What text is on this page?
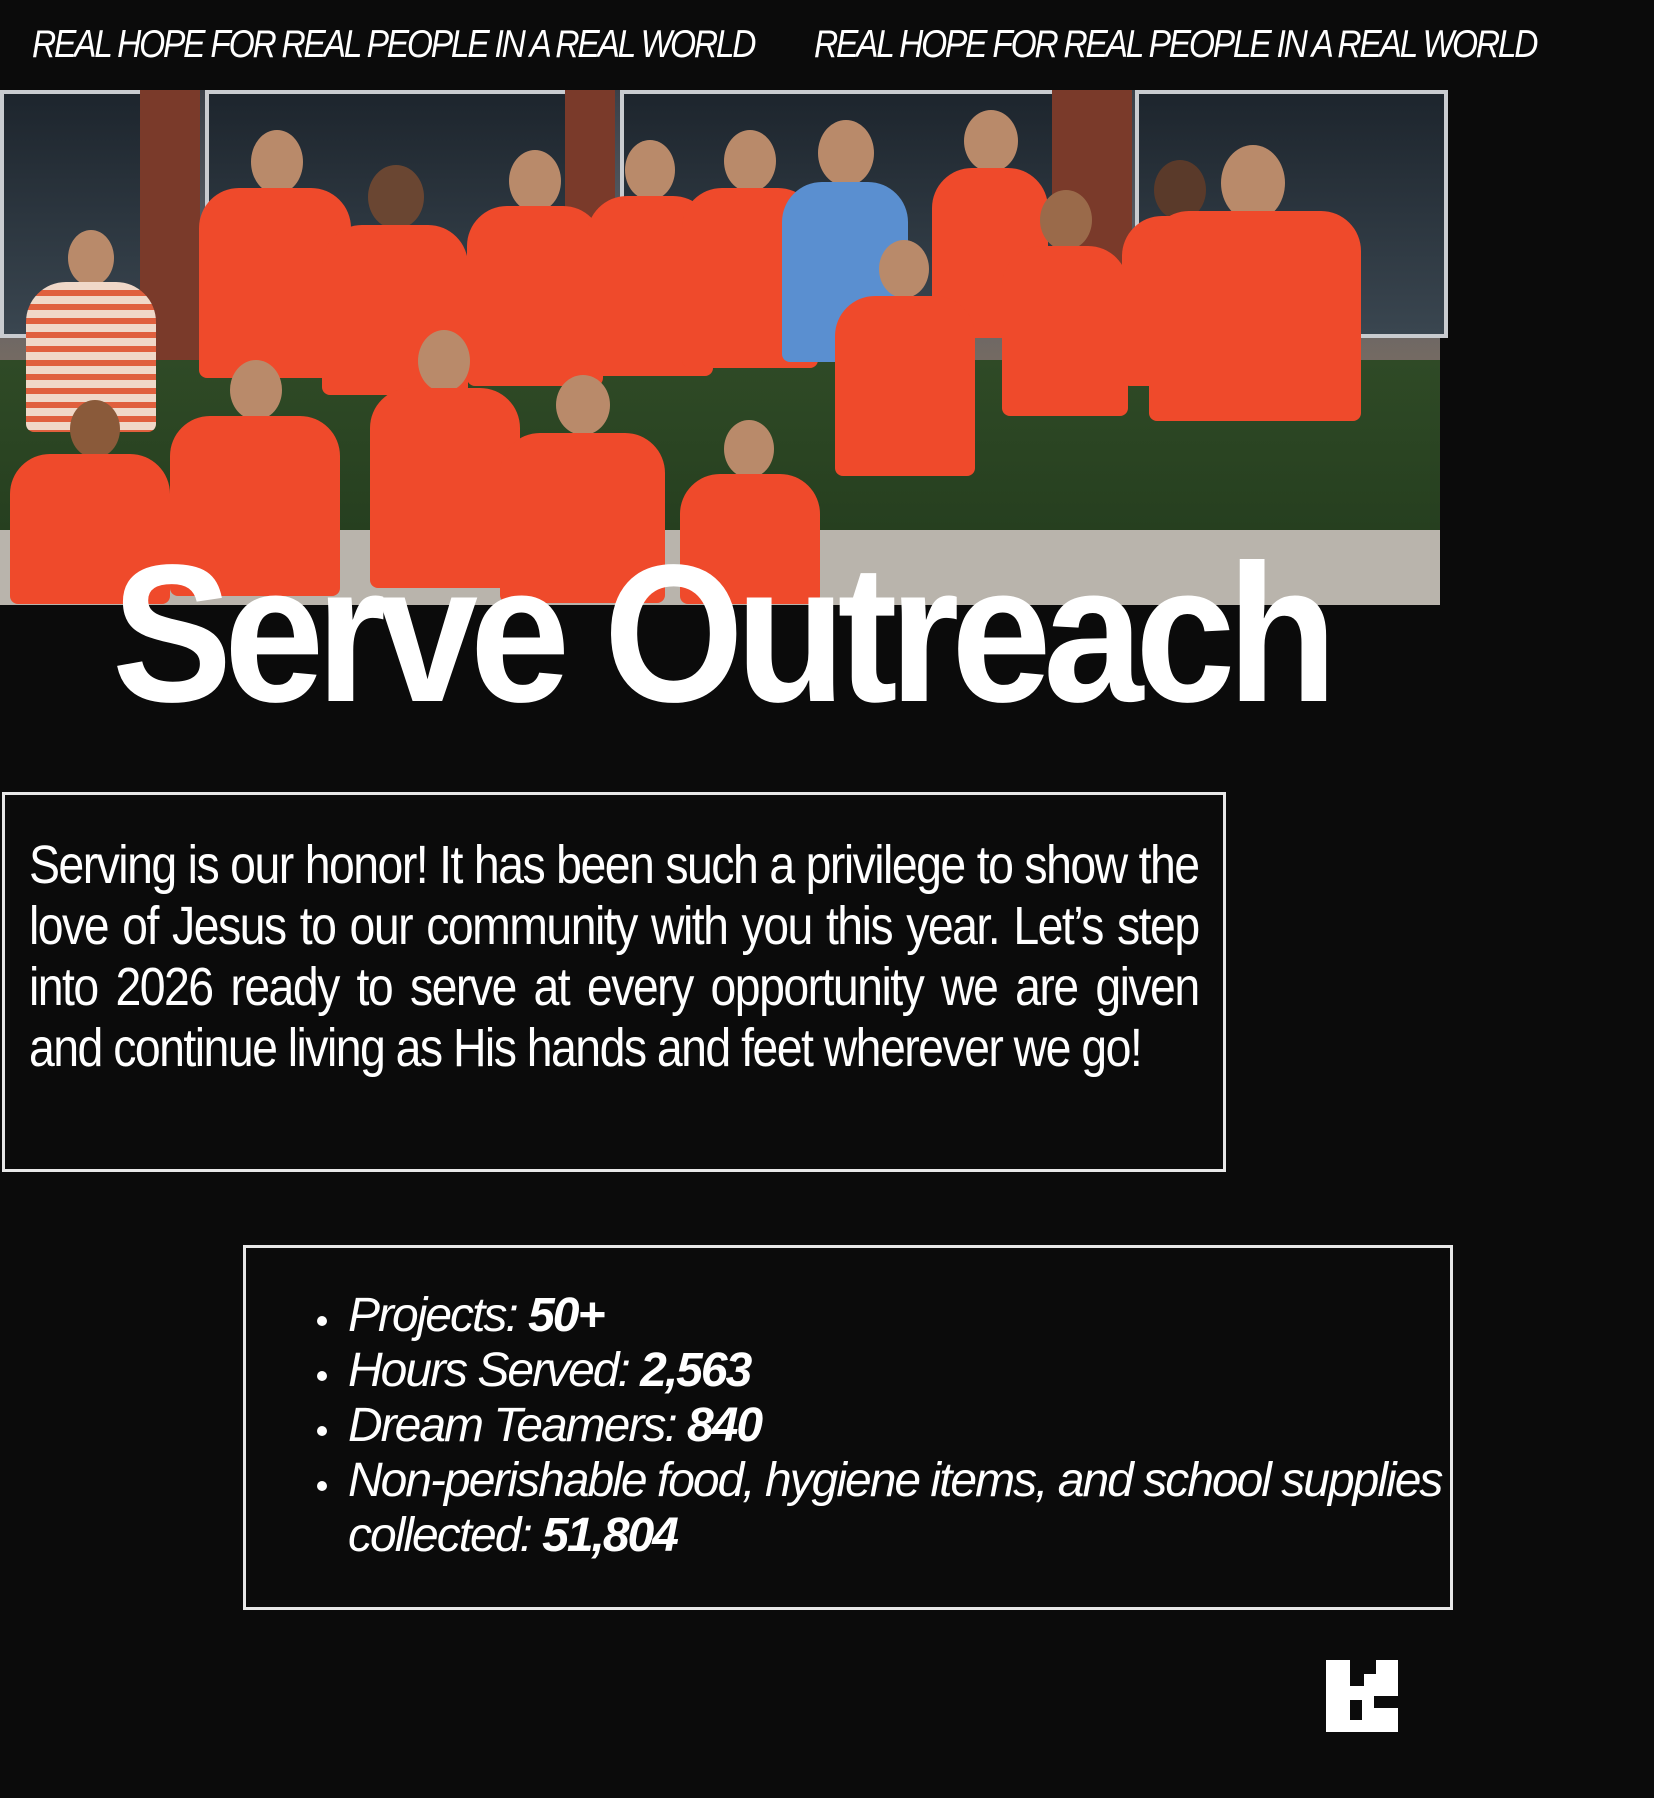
REAL HOPE FOR REAL PEOPLE IN A REAL WORLD REAL HOPE FOR REAL PEOPLE IN A REAL WORLD
Serve Outreach

Serving is our honor! It has been such a privilege to show the love of Jesus to our community with you this year. Let’s step into 2026 ready to serve at every opportunity we are given and continue living as His hands and feet wherever we go!

• Projects: 50+
• Hours Served: 2,563
• Dream Teamers: 840
• Non-perishable food, hygiene items, and school supplies collected: 51,804
